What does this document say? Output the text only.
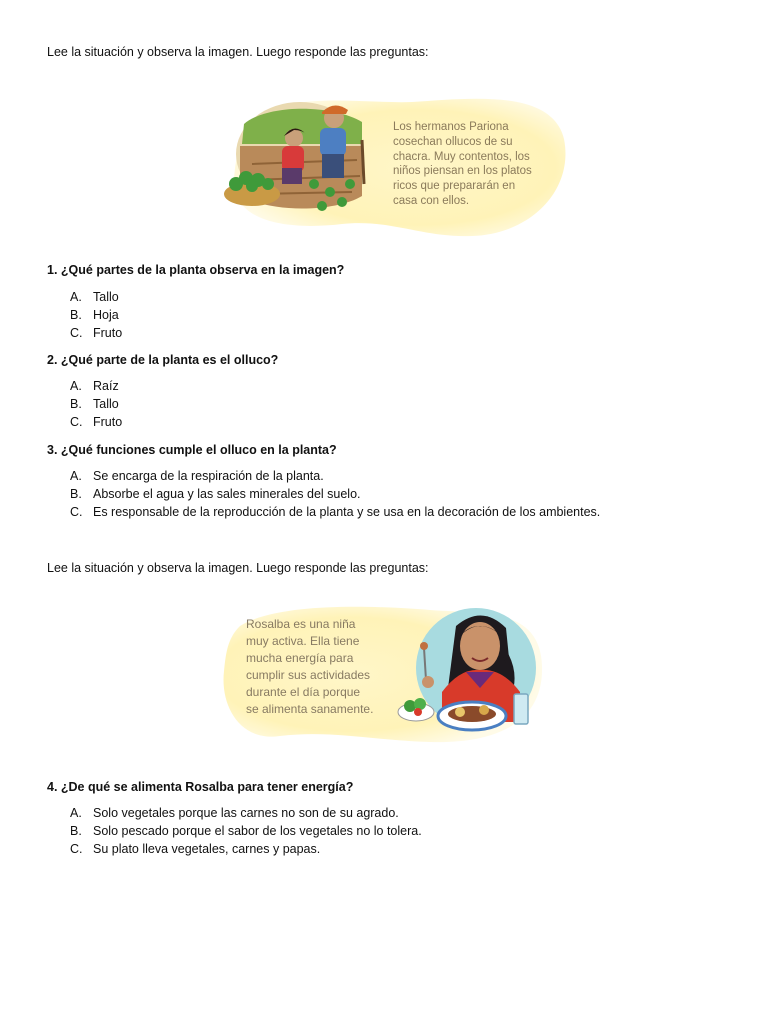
Lee la situación y observa la imagen. Luego responde las preguntas:
Los hermanos Pariona
cosechan ollucos de su
chacra. Muy contentos, los
niños piensan en los platos
ricos que prepararán en
casa con ellos.
1. ¿Qué partes de la planta observa en la imagen?
A. Tallo
B. Hoja
C. Fruto
2. ¿Qué parte de la planta es el olluco?
A. Raíz
B. Tallo
C. Fruto
3. ¿Qué funciones cumple el olluco en la planta?
A. Se encarga de la respiración de la planta.
B. Absorbe el agua y las sales minerales del suelo.
C. Es responsable de la reproducción de la planta y se usa en la decoración de los ambientes.
Lee la situación y observa la imagen. Luego responde las preguntas:
Rosalba es una niña
muy activa. Ella tiene
mucha energía para
cumplir sus actividades
durante el día porque
se alimenta sanamente.
4. ¿De qué se alimenta Rosalba para tener energía?
A. Solo vegetales porque las carnes no son de su agrado.
B. Solo pescado porque el sabor de los vegetales no lo tolera.
C. Su plato lleva vegetales, carnes y papas.
